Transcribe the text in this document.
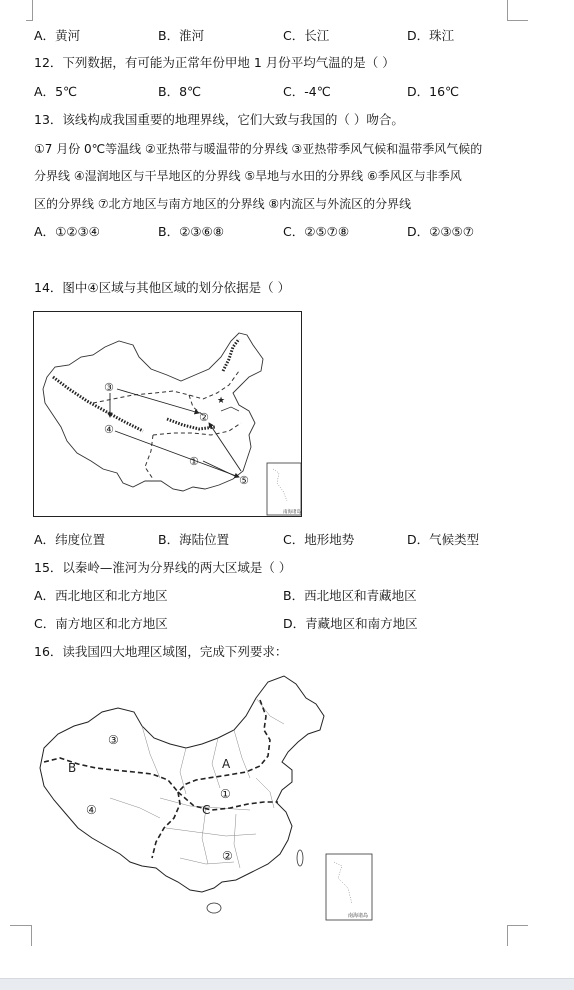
A．黄河	B．淮河	C．长江	D．珠江
12．下列数据，有可能为正常年份甲地 1 月份平均气温的是（ ）
A．5℃	B．8℃	C．-4℃	D．16℃
13．该线构成我国重要的地理界线，它们大致与我国的（ ）吻合。
①7 月份 0℃等温线 ②亚热带与暖温带的分界线 ③亚热带季风气候和温带季风气候的
分界线 ④湿润地区与干旱地区的分界线 ⑤旱地与水田的分界线 ⑥季风区与非季风
区的分界线 ⑦北方地区与南方地区的分界线 ⑧内流区与外流区的分界线
A．①②③④	B．②③⑥⑧	C．②⑤⑦⑧	D．②③⑤⑦
14．图中④区域与其他区域的划分依据是（ ）
★
①
②
③
④
⑤
南海诸岛
A．纬度位置	B．海陆位置	C．地形地势	D．气候类型
15．以秦岭—淮河为分界线的两大区域是（ ）
A．西北地区和北方地区	B．西北地区和青藏地区
C．南方地区和北方地区	D．青藏地区和南方地区
16．读我国四大地理区域图，完成下列要求：
①
②
③
④
A
B
C
南海诸岛
